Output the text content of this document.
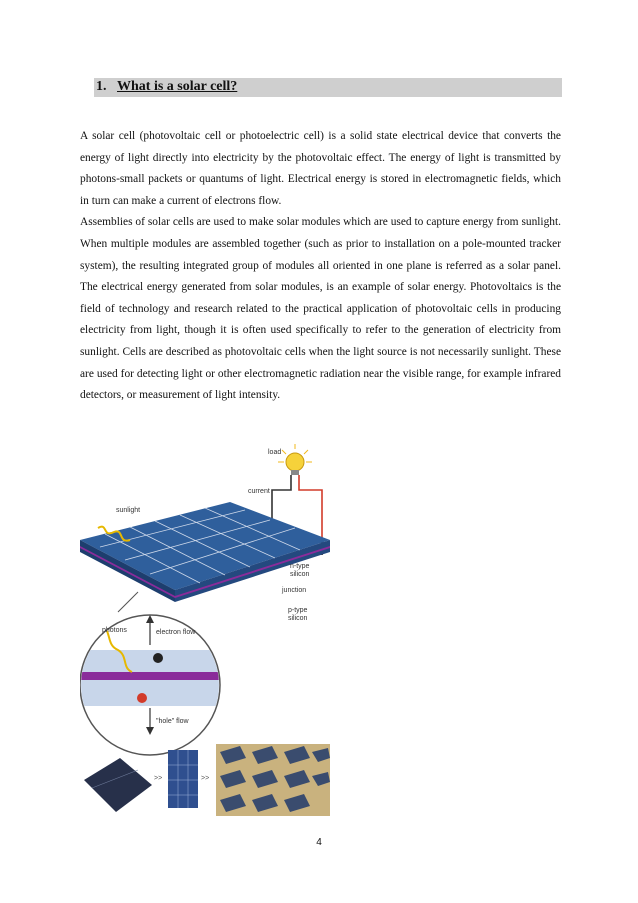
1. What is a solar cell?

A solar cell (photovoltaic cell or photoelectric cell) is a solid state electrical device that converts the energy of light directly into electricity by the photovoltaic effect. The energy of light is transmitted by photons-small packets or quantums of light. Electrical energy is stored in electromagnetic fields, which in turn can make a current of electrons flow.

Assemblies of solar cells are used to make solar modules which are used to capture energy from sunlight. When multiple modules are assembled together (such as prior to installation on a pole-mounted tracker system), the resulting integrated group of modules all oriented in one plane is referred as a solar panel. The electrical energy generated from solar modules, is an example of solar energy. Photovoltaics is the field of technology and research related to the practical application of photovoltaic cells in producing electricity from light, though it is often used specifically to refer to the generation of electricity from sunlight. Cells are described as photovoltaic cells when the light source is not necessarily sunlight. These are used for detecting light or other electromagnetic radiation near the visible range, for example infrared detectors, or measurement of light intensity.

load
current
sunlight
n-type
silicon
junction
p-type
silicon
photons	electron flow
"hole" flow
>>	>>
4
